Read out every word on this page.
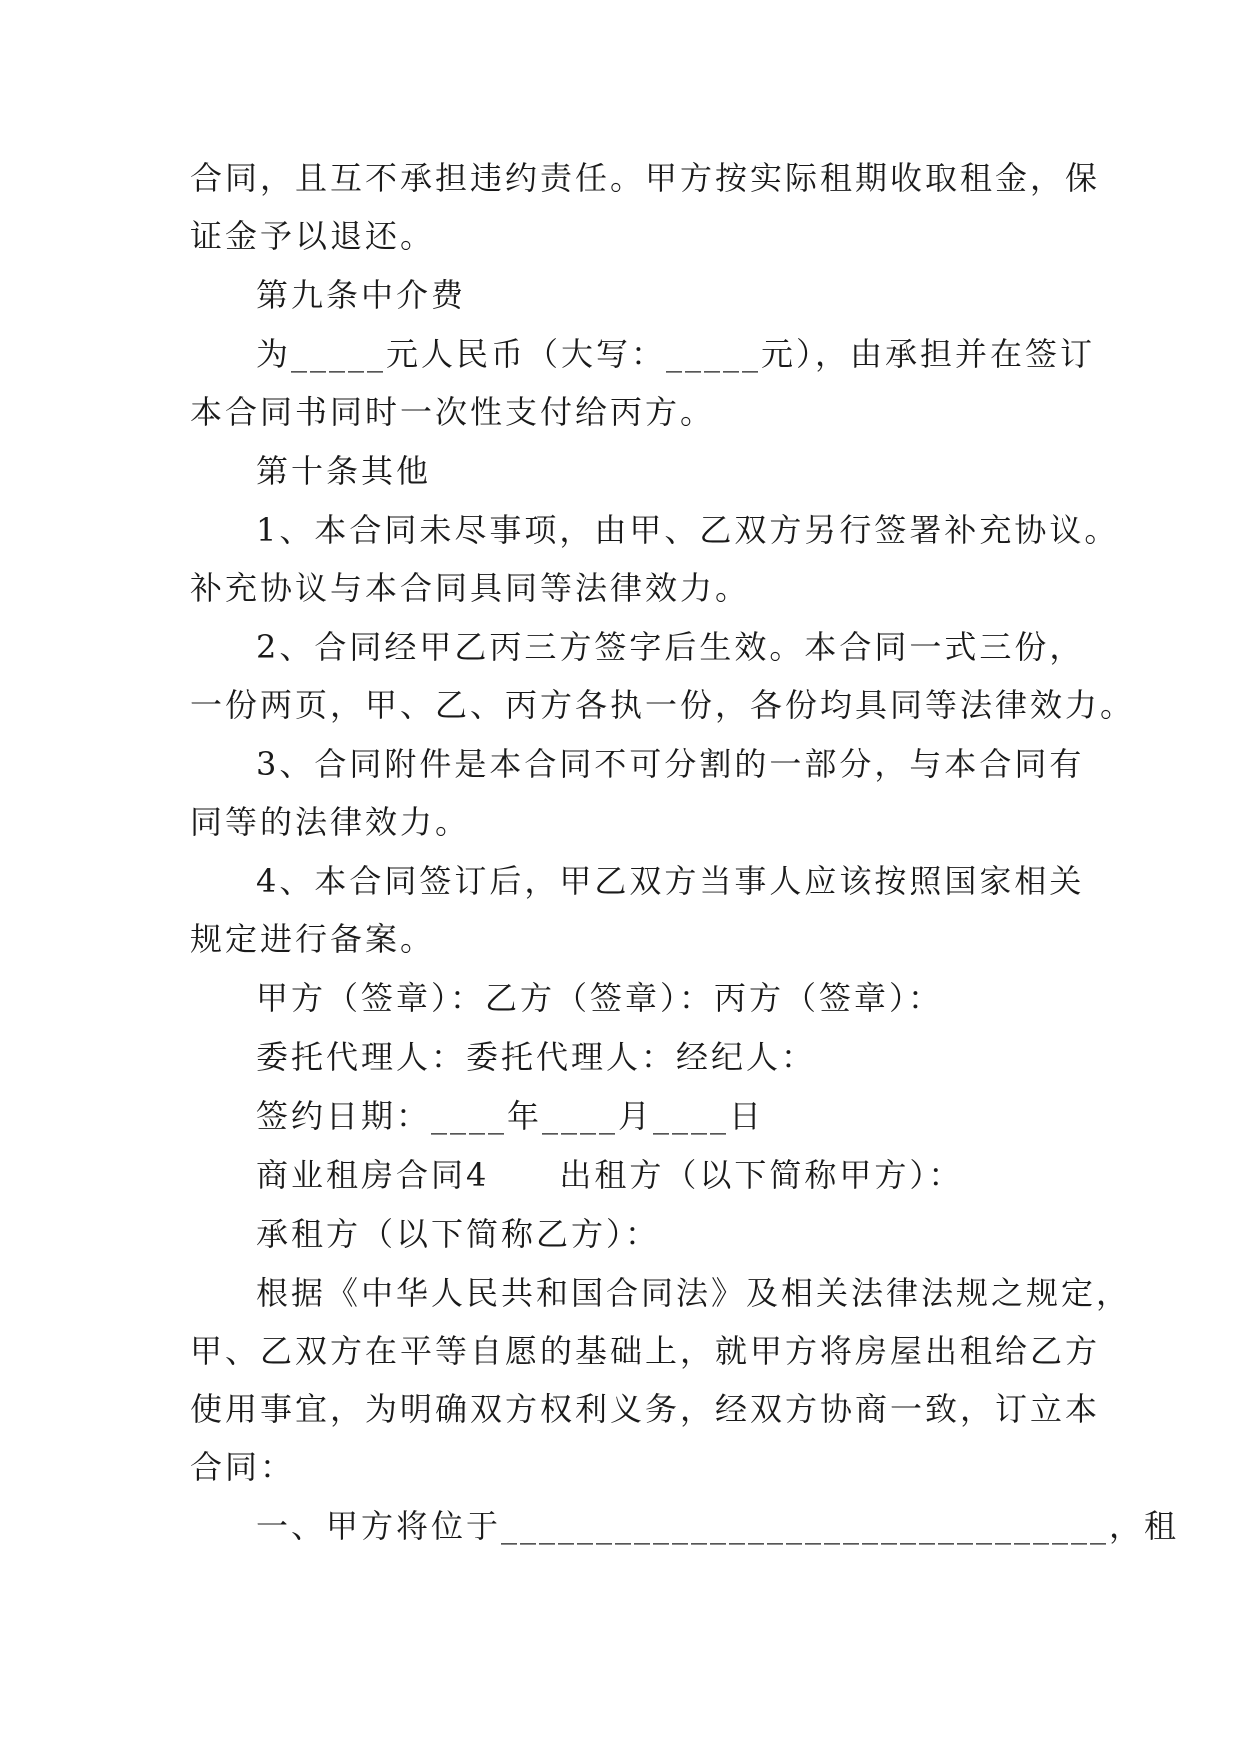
合同，且互不承担违约责任。甲方按实际租期收取租金，保

证金予以退还。

第九条中介费

为_____元人民币（大写：_____元），由承担并在签订

本合同书同时一次性支付给丙方。

第十条其他

1、本合同未尽事项，由甲、乙双方另行签署补充协议。

补充协议与本合同具同等法律效力。

2、合同经甲乙丙三方签字后生效。本合同一式三份，

一份两页，甲、乙、丙方各执一份，各份均具同等法律效力。

3、合同附件是本合同不可分割的一部分，与本合同有

同等的法律效力。

4、本合同签订后，甲乙双方当事人应该按照国家相关

规定进行备案。

甲方（签章）：乙方（签章）：丙方（签章）：

委托代理人：委托代理人：经纪人：

签约日期：____年____月____日

商业租房合同4　　出租方（以下简称甲方）：

承租方（以下简称乙方）：

根据《中华人民共和国合同法》及相关法律法规之规定，

甲、乙双方在平等自愿的基础上，就甲方将房屋出租给乙方

使用事宜，为明确双方权利义务，经双方协商一致，订立本

合同：

一、甲方将位于________________________________，租
